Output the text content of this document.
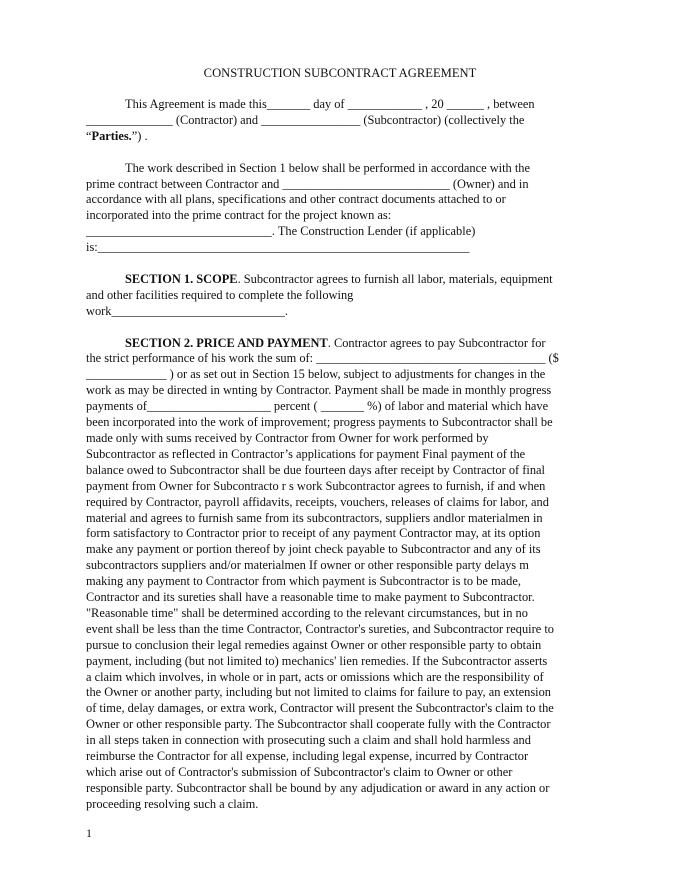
CONSTRUCTION SUBCONTRACT AGREEMENT
This Agreement is made this_______ day of ____________ , 20 ______ , between
______________ (Contractor) and ________________ (Subcontractor) (collectively the
“Parties.”) .
The work described in Section 1 below shall be performed in accordance with the
prime contract between Contractor and ___________________________ (Owner) and in
accordance with all plans, specifications and other contract documents attached to or
incorporated into the prime contract for the project known as:
______________________________. The Construction Lender (if applicable)
is:____________________________________________________________
SECTION 1. SCOPE. Subcontractor agrees to furnish all labor, materials, equipment
and other facilities required to complete the following
work____________________________.
SECTION 2. PRICE AND PAYMENT. Contractor agrees to pay Subcontractor for
the strict performance of his work the sum of: _____________________________________ ($
_____________ ) or as set out in Section 15 below, subject to adjustments for changes in the
work as may be directed in wnting by Contractor. Payment shall be made in monthly progress
payments of____________________ percent ( _______ %) of labor and material which have
been incorporated into the work of improvement; progress payments to Subcontractor shall be
made only with sums received by Contractor from Owner for work performed by
Subcontractor as reflected in Contractor’s applications for payment Final payment of the
balance owed to Subcontractor shall be due fourteen days after receipt by Contractor of final
payment from Owner for Subcontracto r s work Subcontractor agrees to furnish, if and when
required by Contractor, payroll affidavits, receipts, vouchers, releases of claims for labor, and
material and agrees to furnish same from its subcontractors, suppliers andlor materialmen in
form satisfactory to Contractor prior to receipt of any payment Contractor may, at its option
make any payment or portion thereof by joint check payable to Subcontractor and any of its
subcontractors suppliers and/or materialmen If owner or other responsible party delays m
making any payment to Contractor from which payment is Subcontractor is to be made,
Contractor and its sureties shall have a reasonable time to make payment to Subcontractor.
"Reasonable time" shall be determined according to the relevant circumstances, but in no
event shall be less than the time Contractor, Contractor's sureties, and Subcontractor require to
pursue to conclusion their legal remedies against Owner or other responsible party to obtain
payment, including (but not limited to) mechanics' lien remedies. If the Subcontractor asserts
a claim which involves, in whole or in part, acts or omissions which are the responsibility of
the Owner or another party, including but not limited to claims for failure to pay, an extension
of time, delay damages, or extra work, Contractor will present the Subcontractor's claim to the
Owner or other responsible party. The Subcontractor shall cooperate fully with the Contractor
in all steps taken in connection with prosecuting such a claim and shall hold harmless and
reimburse the Contractor for all expense, including legal expense, incurred by Contractor
which arise out of Contractor's submission of Subcontractor's claim to Owner or other
responsible party. Subcontractor shall be bound by any adjudication or award in any action or
proceeding resolving such a claim.
1
